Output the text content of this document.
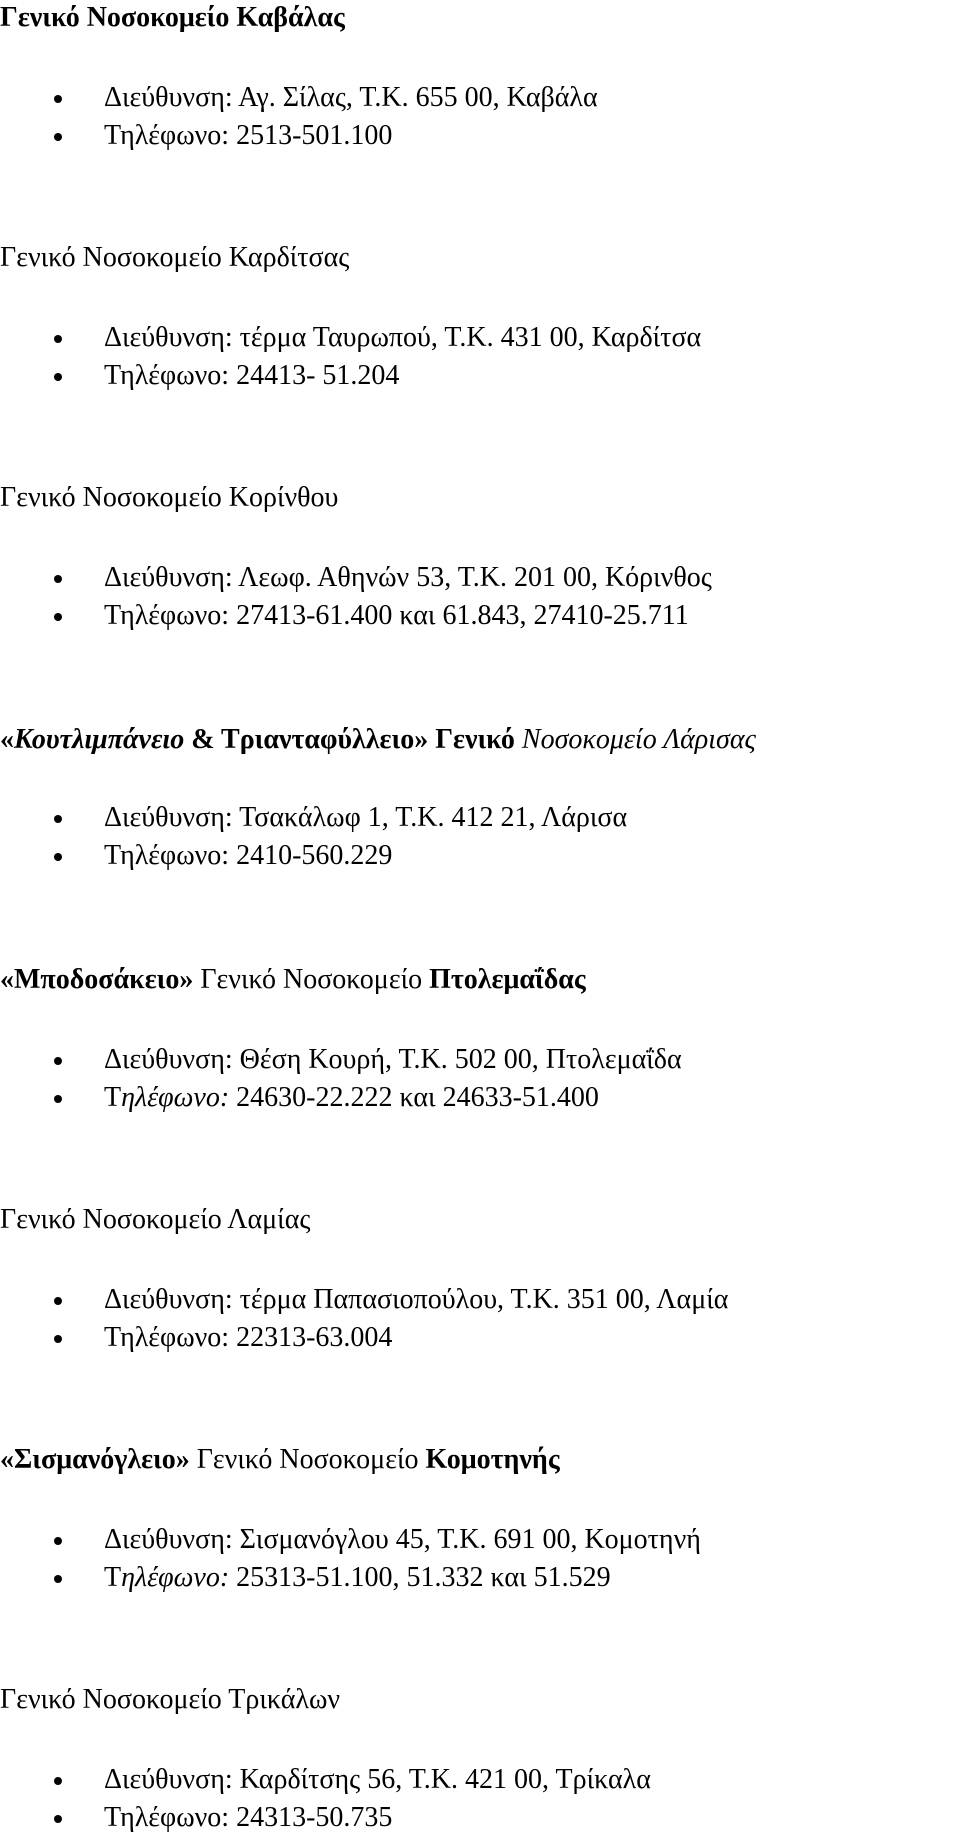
Γενικό Νοσοκομείο Καβάλας
Διεύθυνση: Αγ. Σίλας, Τ.Κ. 655 00, Καβάλα
Τηλέφωνο: 2513-501.100
Γενικό Νοσοκομείο Καρδίτσας
Διεύθυνση: τέρμα Ταυρωπού, Τ.Κ. 431 00, Καρδίτσα
Τηλέφωνο: 24413- 51.204
Γενικό Νοσοκομείο Κορίνθου
Διεύθυνση: Λεωφ. Αθηνών 53, Τ.Κ. 201 00, Κόρινθος
Τηλέφωνο: 27413-61.400 και 61.843, 27410-25.711
«Κουτλιμπάνειο & Τριανταφύλλειο» Γενικό Νοσοκομείο Λάρισας
Διεύθυνση: Τσακάλωφ 1, Τ.Κ. 412 21, Λάρισα
Τηλέφωνο: 2410-560.229
«Μποδοσάκειο» Γενικό Νοσοκομείο Πτολεμαΐδας
Διεύθυνση: Θέση Κουρή, Τ.Κ. 502 00, Πτολεμαΐδα
Τηλέφωνο: 24630-22.222 και 24633-51.400
Γενικό Νοσοκομείο Λαμίας
Διεύθυνση: τέρμα Παπασιοπούλου, Τ.Κ. 351 00, Λαμία
Τηλέφωνο: 22313-63.004
«Σισμανόγλειο» Γενικό Νοσοκομείο Κομοτηνής
Διεύθυνση: Σισμανόγλου 45, Τ.Κ. 691 00, Κομοτηνή
Τηλέφωνο: 25313-51.100, 51.332 και 51.529
Γενικό Νοσοκομείο Τρικάλων
Διεύθυνση: Καρδίτσης 56, Τ.Κ. 421 00, Τρίκαλα
Τηλέφωνο: 24313-50.735
